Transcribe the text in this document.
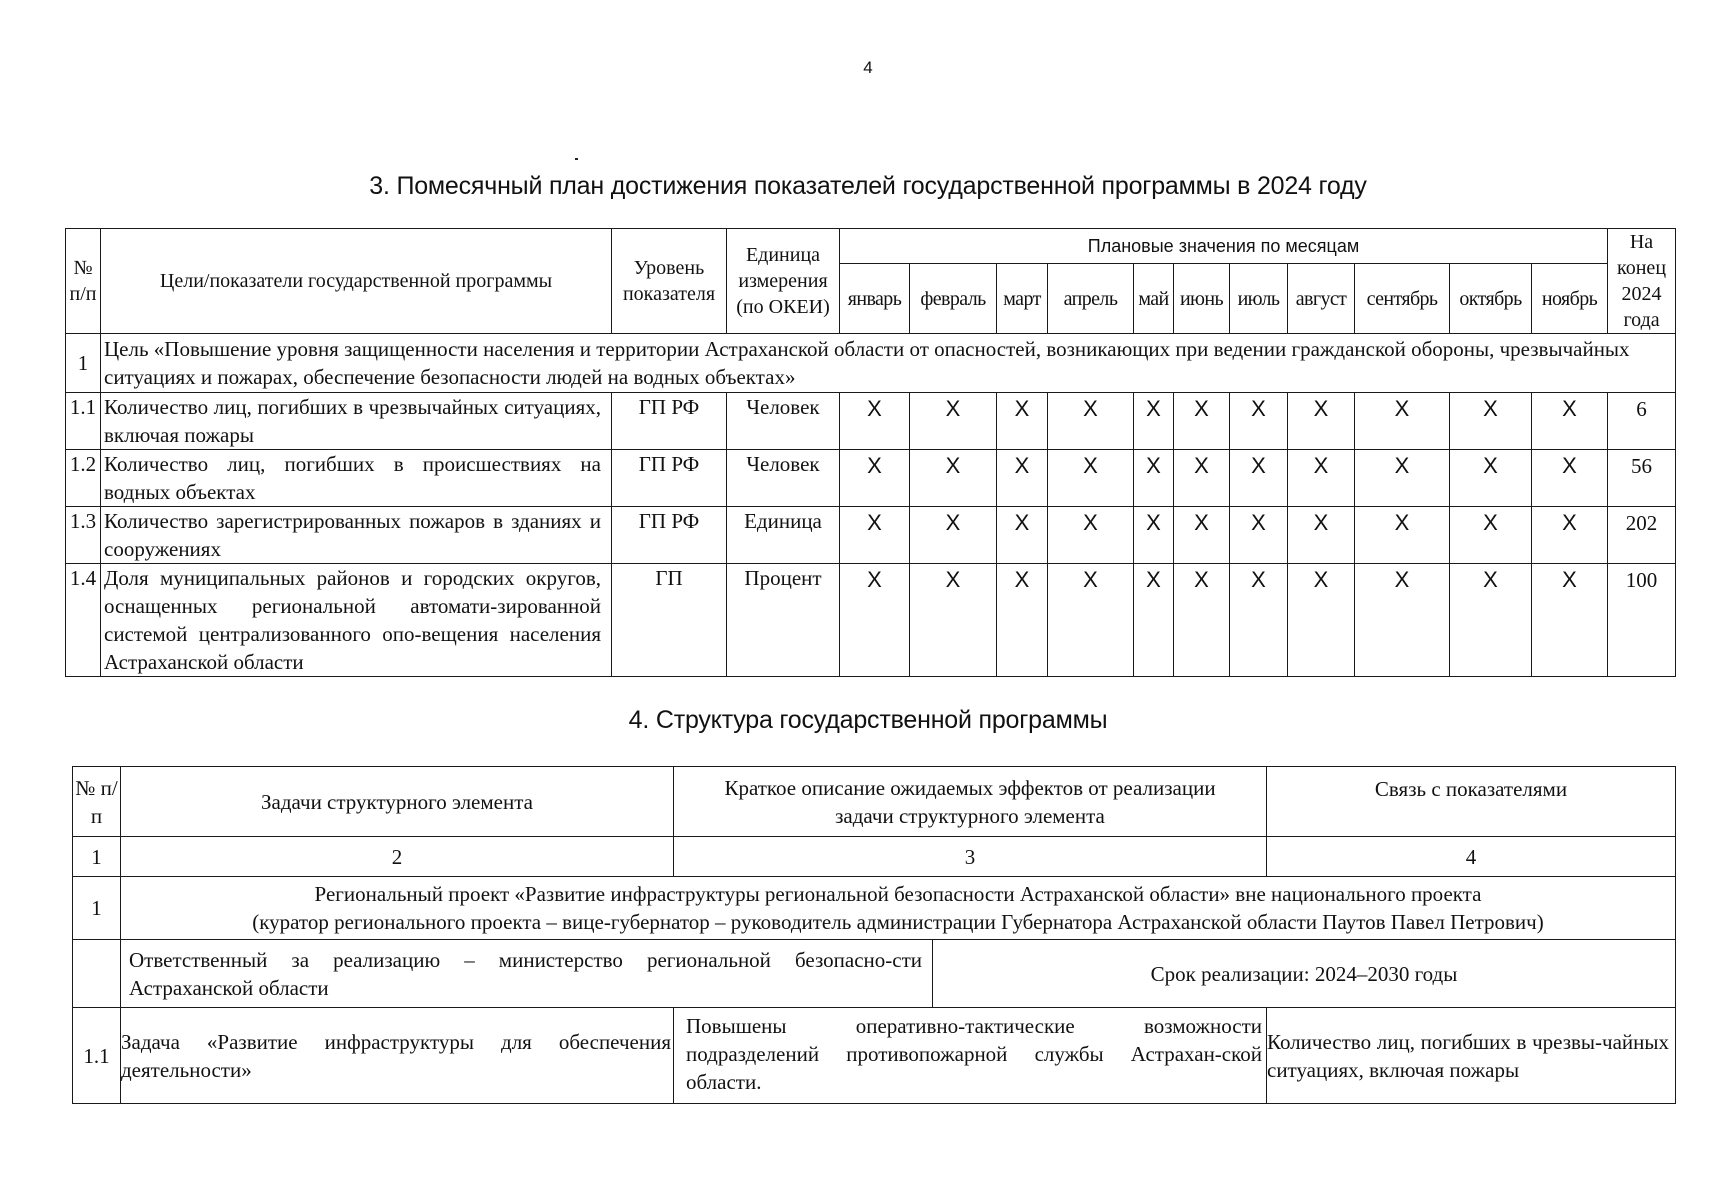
4
3. Помесячный план достижения показателей государственной программы в 2024 году
№ п/п	Цели/показатели государственной программы	Уровень показателя	Единица измерения (по ОКЕИ)	Плановые значения по месяцам											На конец 2024 года
				январь	февраль	март	апрель	май	июнь	июль	август	сентябрь	октябрь	ноябрь	
1	Цель «Повышение уровня защищенности населения и территории Астраханской области от опасностей, возникающих при ведении гражданской обороны, чрезвычайных ситуациях и пожарах, обеспечение безопасности людей на водных объектах»														
1.1	Количество лиц, погибших в чрезвычайных ситуациях, включая пожары	ГП РФ	Человек	X	X	X	X	X	X	X	X	X	X	X	6
1.2	Количество лиц, погибших в происшествиях на водных объектах	ГП РФ	Человек	X	X	X	X	X	X	X	X	X	X	X	56
1.3	Количество зарегистрированных пожаров в зданиях и сооружениях	ГП РФ	Единица	X	X	X	X	X	X	X	X	X	X	X	202
1.4	Доля муниципальных районов и городских округов, оснащенных региональной автомати-зированной системой централизованного опо-вещения населения Астраханской области	ГП	Процент	X	X	X	X	X	X	X	X	X	X	X	100
4. Структура государственной программы
№ п/п	Задачи структурного элемента	Краткое описание ожидаемых эффектов от реализации задачи структурного элемента		Связь с показателями
1	2	3		4
1	Региональный проект «Развитие инфраструктуры региональной безопасности Астраханской области» вне национального проекта
(куратор регионального проекта – вице-губернатор – руководитель администрации Губернатора Астраханской области Паутов Павел Петрович)			

	Ответственный за реализацию – министерство региональной безопасно-сти Астраханской области		Срок реализации: 2024–2030 годы	
1.1	Задача «Развитие инфраструктуры для обеспечения деятельности»	Повышены оперативно-тактические возможности подразделений противопожарной службы Астрахан-ской области.		Количество лиц, погибших в чрезвы-чайных ситуациях, включая пожары
